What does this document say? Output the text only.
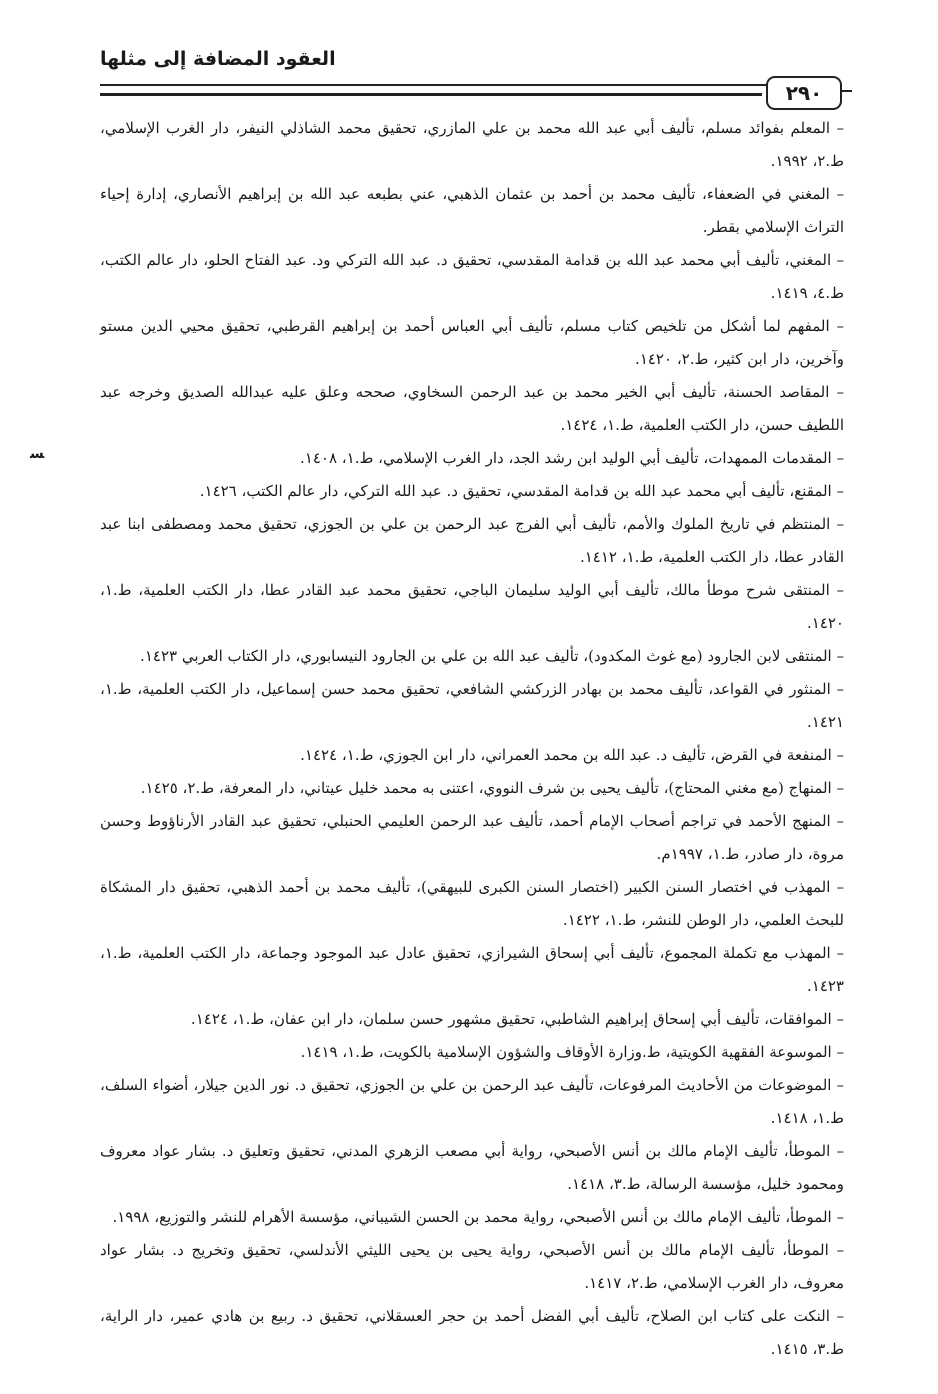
العقود المضافة إلى مثلها
٢٩٠
ﺴ

– المعلم بفوائد مسلم، تأليف أبي عبد الله محمد بن علي المازري، تحقيق محمد الشاذلي النيفر، دار الغرب الإسلامي، ط.٢، ١٩٩٢.

– المغني في الضعفاء، تأليف محمد بن أحمد بن عثمان الذهبي، عني بطبعه عبد الله بن إبراهيم الأنصاري، إدارة إحياء التراث الإسلامي بقطر.

– المغني، تأليف أبي محمد عبد الله بن قدامة المقدسي، تحقيق د. عبد الله التركي ود. عبد الفتاح الحلو، دار عالم الكتب، ط.٤، ١٤١٩.

– المفهم لما أشكل من تلخيص كتاب مسلم، تأليف أبي العباس أحمد بن إبراهيم القرطبي، تحقيق محيي الدين مستو وآخرين، دار ابن كثير، ط.٢، ١٤٢٠.

– المقاصد الحسنة، تأليف أبي الخير محمد بن عبد الرحمن السخاوي، صححه وعلق عليه عبدالله الصديق وخرجه عبد اللطيف حسن، دار الكتب العلمية، ط.١، ١٤٢٤.

– المقدمات الممهدات، تأليف أبي الوليد ابن رشد الجد، دار الغرب الإسلامي، ط.١، ١٤٠٨.

– المقنع، تأليف أبي محمد عبد الله بن قدامة المقدسي، تحقيق د. عبد الله التركي، دار عالم الكتب، ١٤٢٦.

– المنتظم في تاريخ الملوك والأمم، تأليف أبي الفرج عبد الرحمن بن علي بن الجوزي، تحقيق محمد ومصطفى ابنا عبد القادر عطا، دار الكتب العلمية، ط.١، ١٤١٢.

– المنتقى شرح موطأ مالك، تأليف أبي الوليد سليمان الباجي، تحقيق محمد عبد القادر عطا، دار الكتب العلمية، ط.١، ١٤٢٠.

– المنتقى لابن الجارود (مع غوث المكدود)، تأليف عبد الله بن علي بن الجارود النيسابوري، دار الكتاب العربي ١٤٢٣.

– المنثور في القواعد، تأليف محمد بن بهادر الزركشي الشافعي، تحقيق محمد حسن إسماعيل، دار الكتب العلمية، ط.١، ١٤٢١.

– المنفعة في القرض، تأليف د. عبد الله بن محمد العمراني، دار ابن الجوزي، ط.١، ١٤٢٤.

– المنهاج (مع مغني المحتاج)، تأليف يحيى بن شرف النووي، اعتنى به محمد خليل عيتاني، دار المعرفة، ط.٢، ١٤٢٥.

– المنهج الأحمد في تراجم أصحاب الإمام أحمد، تأليف عبد الرحمن العليمي الحنبلي، تحقيق عبد القادر الأرناؤوط وحسن مروة، دار صادر، ط.١، ١٩٩٧م.

– المهذب في اختصار السنن الكبير (اختصار السنن الكبرى للبيهقي)، تأليف محمد بن أحمد الذهبي، تحقيق دار المشكاة للبحث العلمي، دار الوطن للنشر، ط.١، ١٤٢٢.

– المهذب مع تكملة المجموع، تأليف أبي إسحاق الشيرازي، تحقيق عادل عبد الموجود وجماعة، دار الكتب العلمية، ط.١، ١٤٢٣.

– الموافقات، تأليف أبي إسحاق إبراهيم الشاطبي، تحقيق مشهور حسن سلمان، دار ابن عفان، ط.١، ١٤٢٤.

– الموسوعة الفقهية الكويتية، ط.وزارة الأوقاف والشؤون الإسلامية بالكويت، ط.١، ١٤١٩.

– الموضوعات من الأحاديث المرفوعات، تأليف عبد الرحمن بن علي بن الجوزي، تحقيق د. نور الدين جيلار، أضواء السلف، ط.١، ١٤١٨.

– الموطأ، تأليف الإمام مالك بن أنس الأصبحي، رواية أبي مصعب الزهري المدني، تحقيق وتعليق د. بشار عواد معروف ومحمود خليل، مؤسسة الرسالة، ط.٣، ١٤١٨.

– الموطأ، تأليف الإمام مالك بن أنس الأصبحي، رواية محمد بن الحسن الشيباني، مؤسسة الأهرام للنشر والتوزيع، ١٩٩٨.

– الموطأ، تأليف الإمام مالك بن أنس الأصبحي، رواية يحيى بن يحيى الليثي الأندلسي، تحقيق وتخريج د. بشار عواد معروف، دار الغرب الإسلامي، ط.٢، ١٤١٧.

– النكت على كتاب ابن الصلاح، تأليف أبي الفضل أحمد بن حجر العسقلاني، تحقيق د. ربيع بن هادي عمير، دار الراية، ط.٣، ١٤١٥.
